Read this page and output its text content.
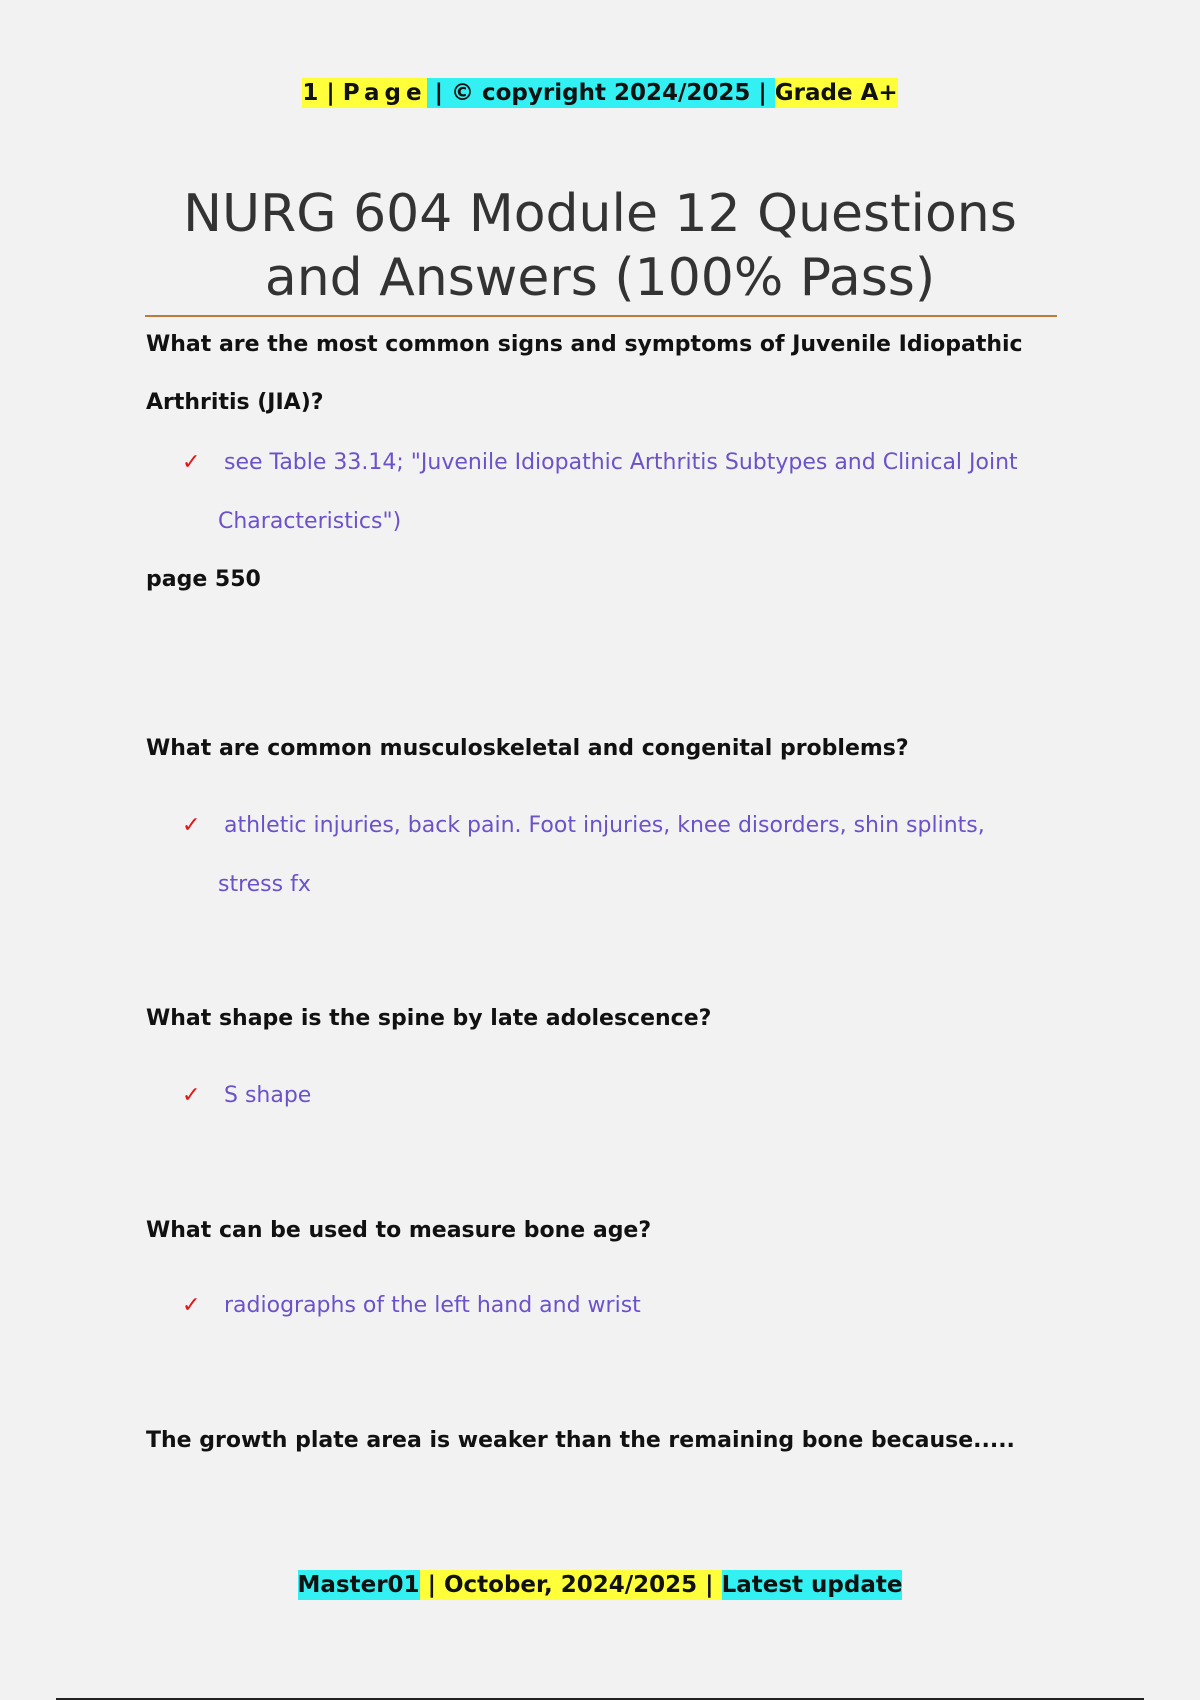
1 | Page | © copyright 2024/2025 | Grade A+
NURG 604 Module 12 Questions
and Answers (100% Pass)

What are the most common signs and symptoms of Juvenile Idiopathic Arthritis (JIA)?

✓ see Table 33.14; "Juvenile Idiopathic Arthritis Subtypes and Clinical Joint Characteristics")

page 550

What are common musculoskeletal and congenital problems?

✓ athletic injuries, back pain. Foot injuries, knee disorders, shin splints, stress fx

What shape is the spine by late adolescence?

✓ S shape

What can be used to measure bone age?

✓ radiographs of the left hand and wrist

The growth plate area is weaker than the remaining bone because.....

Master01 | October, 2024/2025 | Latest update
